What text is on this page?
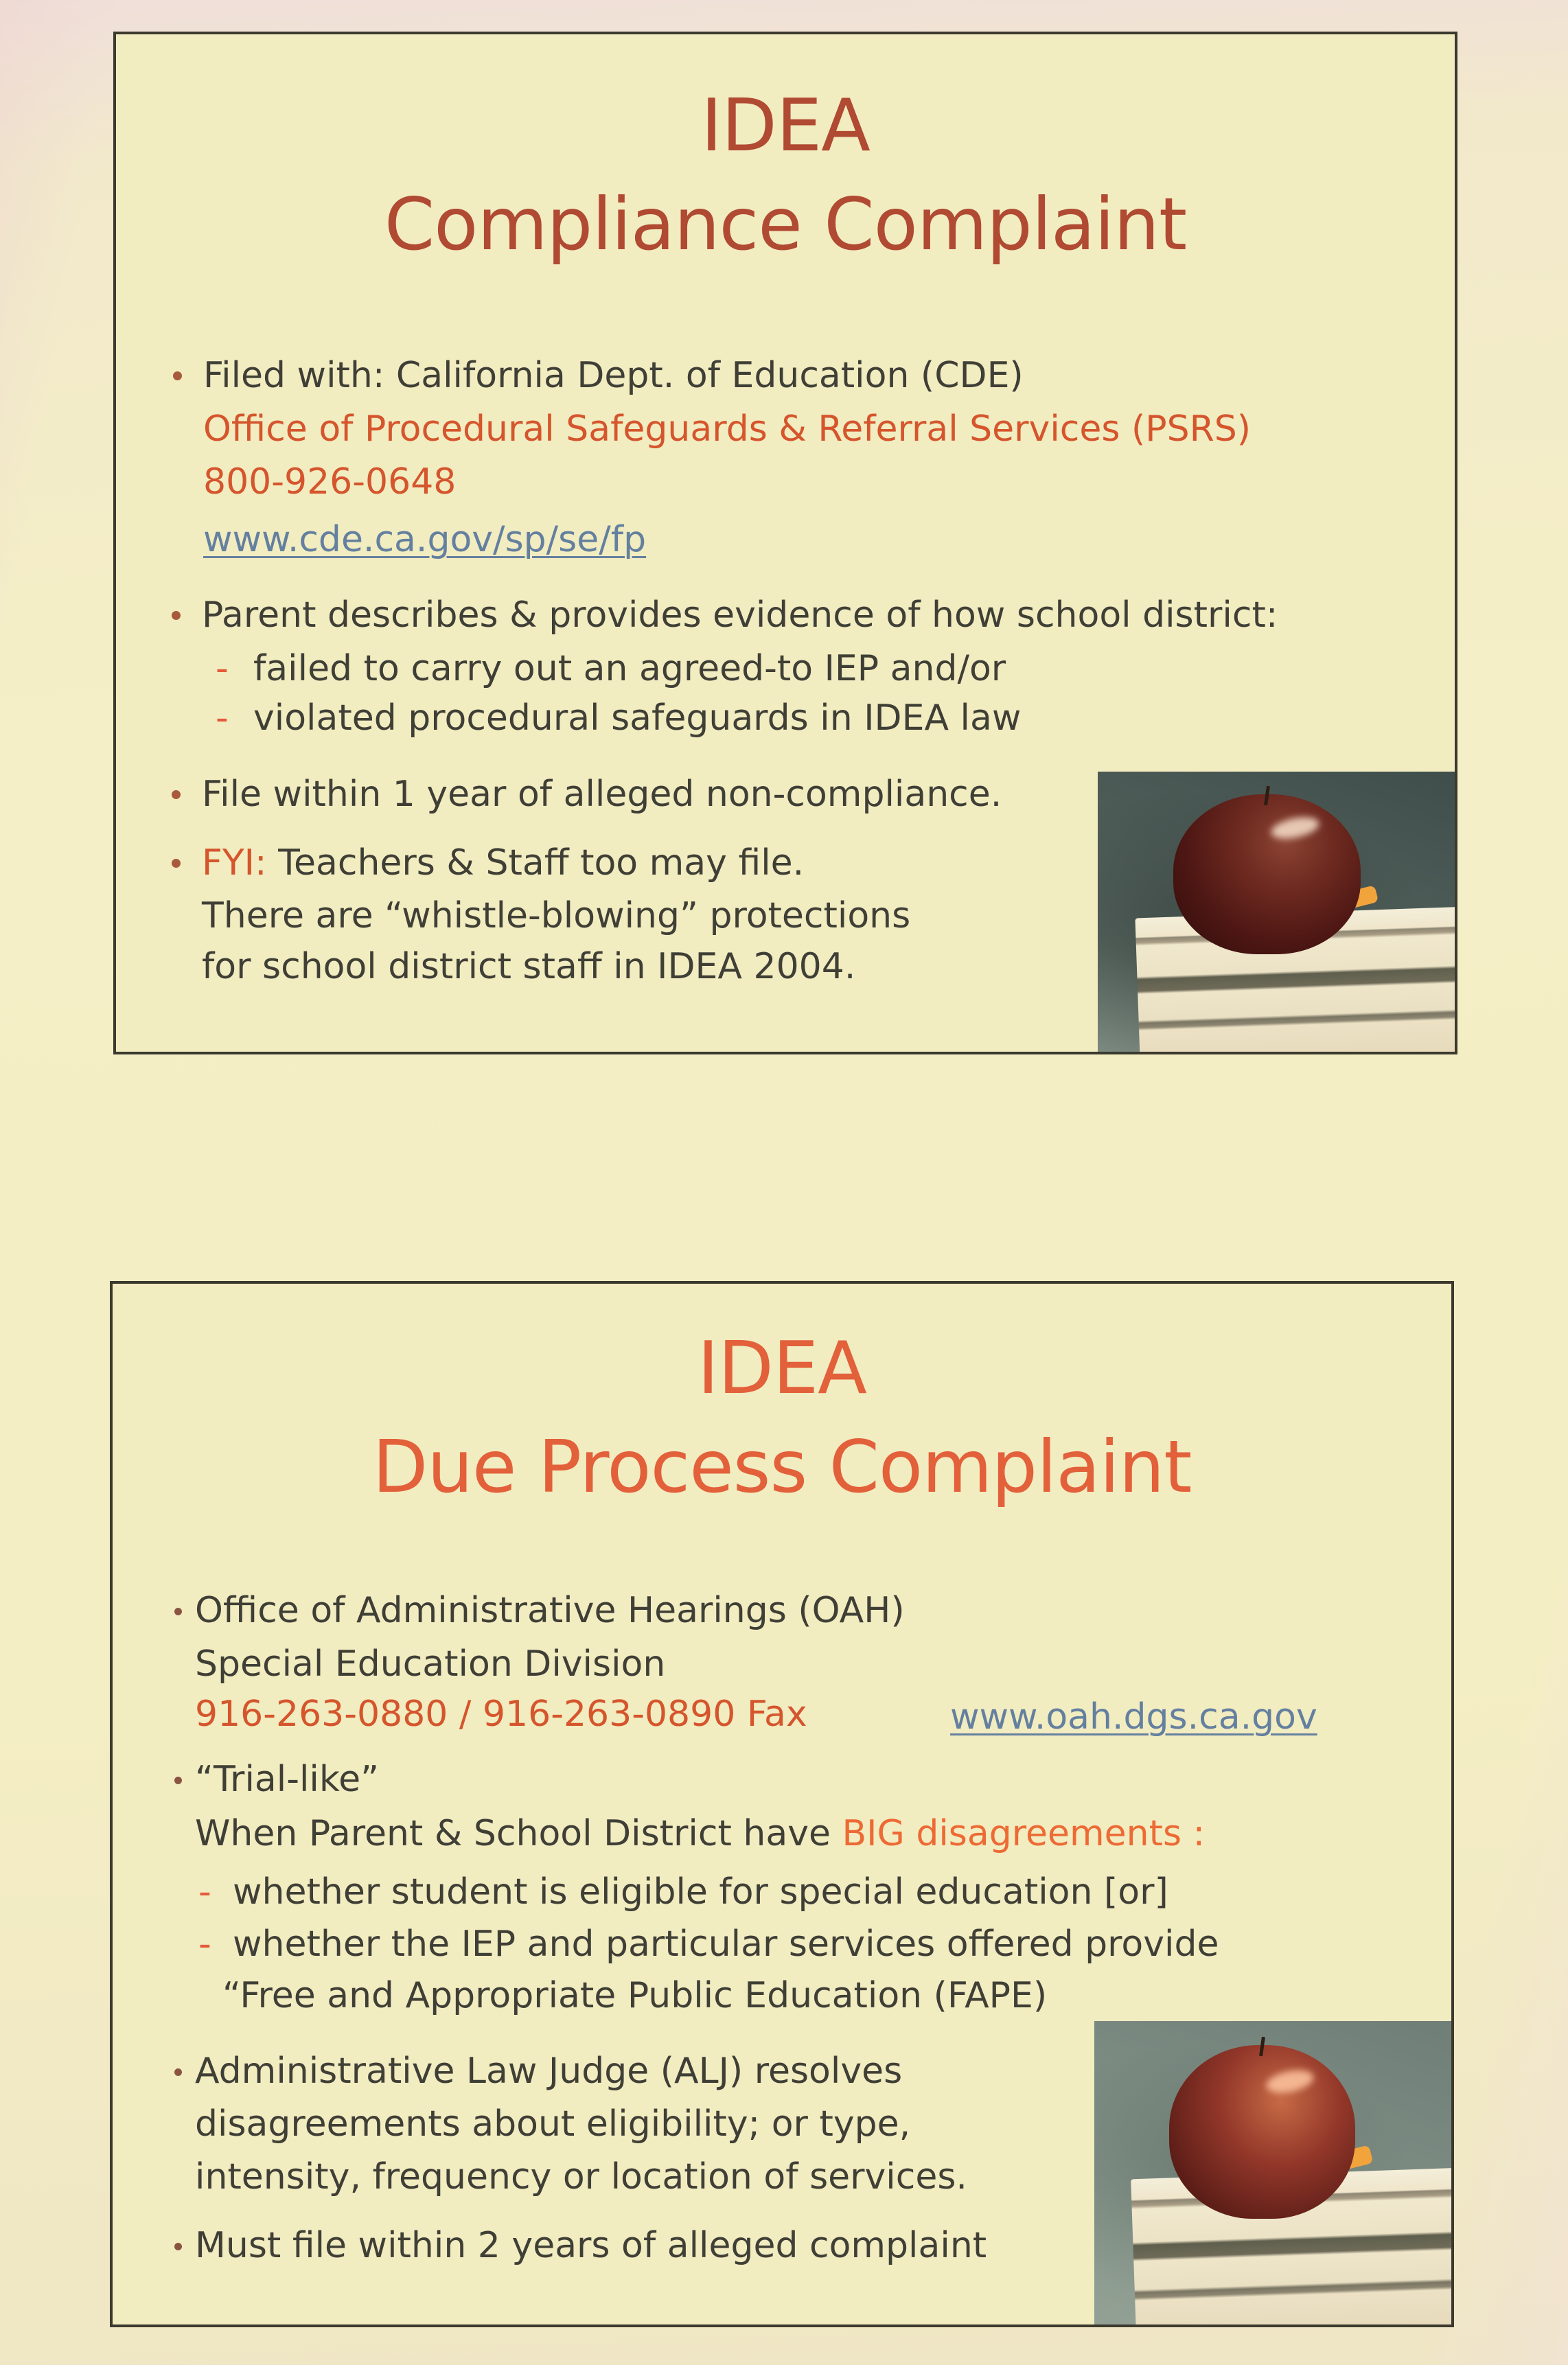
IDEA
Compliance Complaint
Filed with: California Dept. of Education (CDE)
Office of Procedural Safeguards & Referral Services (PSRS)
800-926-0648
www.cde.ca.gov/sp/se/fp
Parent describes & provides evidence of how school district:
- failed to carry out an agreed-to IEP and/or
- violated procedural safeguards in IDEA law
File within 1 year of alleged non-compliance.
FYI: Teachers & Staff too may file.
There are “whistle-blowing” protections
for school district staff in IDEA 2004.
IDEA
Due Process Complaint
Office of Administrative Hearings (OAH)
Special Education Division
916-263-0880 / 916-263-0890 Fax	www.oah.dgs.ca.gov
“Trial-like”
When Parent & School District have BIG disagreements :
- whether student is eligible for special education [or]
- whether the IEP and particular services offered provide
“Free and Appropriate Public Education (FAPE)
Administrative Law Judge (ALJ) resolves
disagreements about eligibility; or type,
intensity, frequency or location of services.
Must file within 2 years of alleged complaint
